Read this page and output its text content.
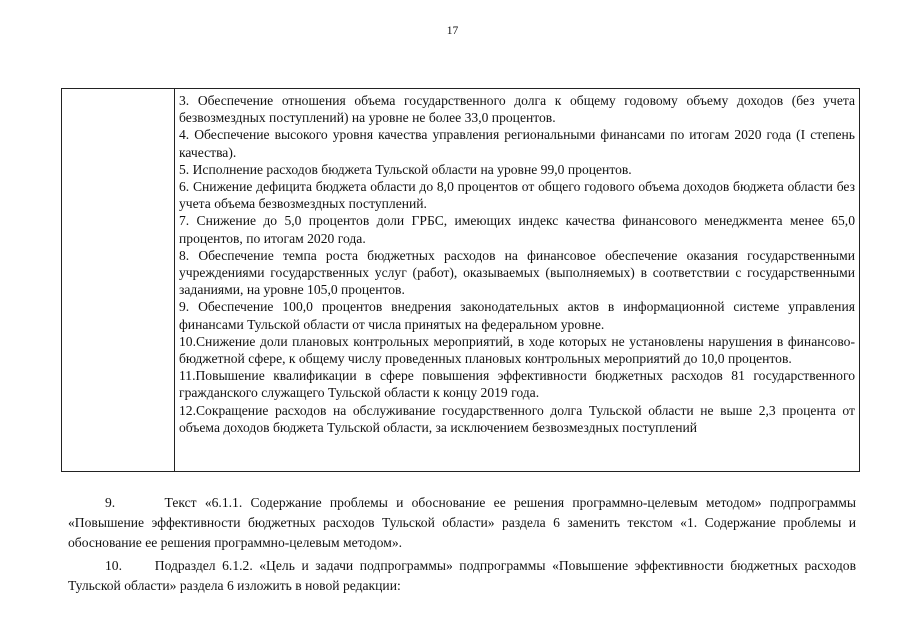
17

3. Обеспечение отношения объема государственного долга к общему годовому объему доходов (без учета безвозмездных поступлений) на уровне не более 33,0 процентов.

4. Обеспечение высокого уровня качества управления региональными финансами по итогам 2020 года (I степень качества).

5. Исполнение расходов бюджета Тульской области на уровне 99,0 процентов.

6. Снижение дефицита бюджета области до 8,0 процентов от общего годового объема доходов бюджета области без учета объема безвозмездных поступлений.

7. Снижение до 5,0 процентов доли ГРБС, имеющих индекс качества финансового менеджмента менее 65,0 процентов, по итогам 2020 года.

8. Обеспечение темпа роста бюджетных расходов на финансовое обеспечение оказания государственными учреждениями государственных услуг (работ), оказываемых (выполняемых) в соответствии с государственными заданиями, на уровне 105,0 процентов.

9. Обеспечение 100,0 процентов внедрения законодательных актов в информационной системе управления финансами Тульской области от числа принятых на федеральном уровне.

10.Снижение доли плановых контрольных мероприятий, в ходе которых не установлены нарушения в финансово-бюджетной сфере, к общему числу проведенных плановых контрольных мероприятий до 10,0 процентов.

11.Повышение квалификации в сфере повышения эффективности бюджетных расходов 81 государственного гражданского служащего Тульской области к концу 2019 года.

12.Сокращение расходов на обслуживание государственного долга Тульской области не выше 2,3 процента от объема доходов бюджета Тульской области, за исключением безвозмездных поступлений

9.      Текст «6.1.1. Содержание проблемы и обоснование ее решения программно-целевым методом» подпрограммы «Повышение эффективности бюджетных расходов Тульской области» раздела 6 заменить текстом «1. Содержание проблемы и обоснование ее решения программно-целевым методом».

10.     Подраздел 6.1.2. «Цель и задачи подпрограммы» подпрограммы «Повышение эффективности бюджетных расходов Тульской области» раздела 6 изложить в новой редакции:
